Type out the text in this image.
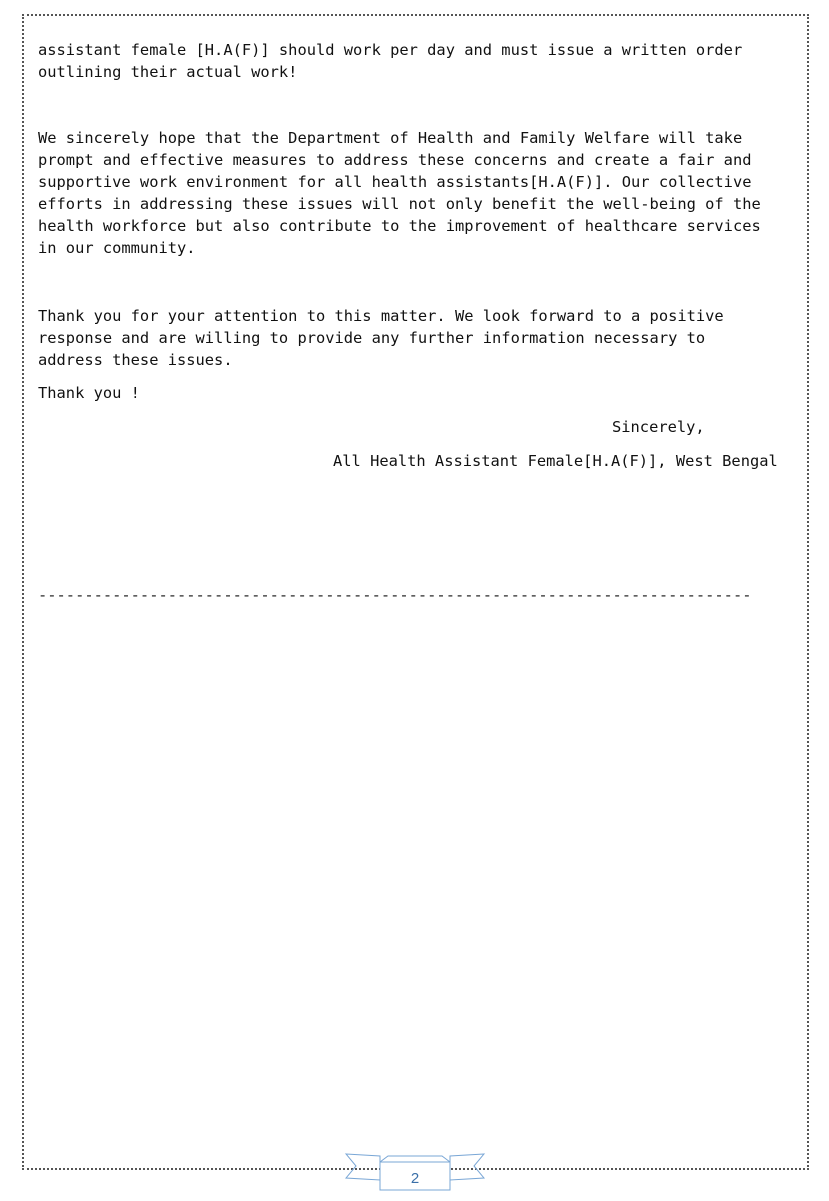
assistant female [H.A(F)] should work per day and must issue a written order
outlining their actual work!
We sincerely hope that the Department of Health and Family Welfare will take
prompt and effective measures to address these concerns and create a fair and
supportive work environment for all health assistants[H.A(F)]. Our collective
efforts in addressing these issues will not only benefit the well-being of the
health workforce but also contribute to the improvement of healthcare services
in our community.
Thank you for your attention to this matter. We look forward to a positive
response and are willing to provide any further information necessary to
address these issues.
Thank you !
Sincerely,
All Health Assistant Female[H.A(F)], West Bengal
-----------------------------------------------------------------------------
2
